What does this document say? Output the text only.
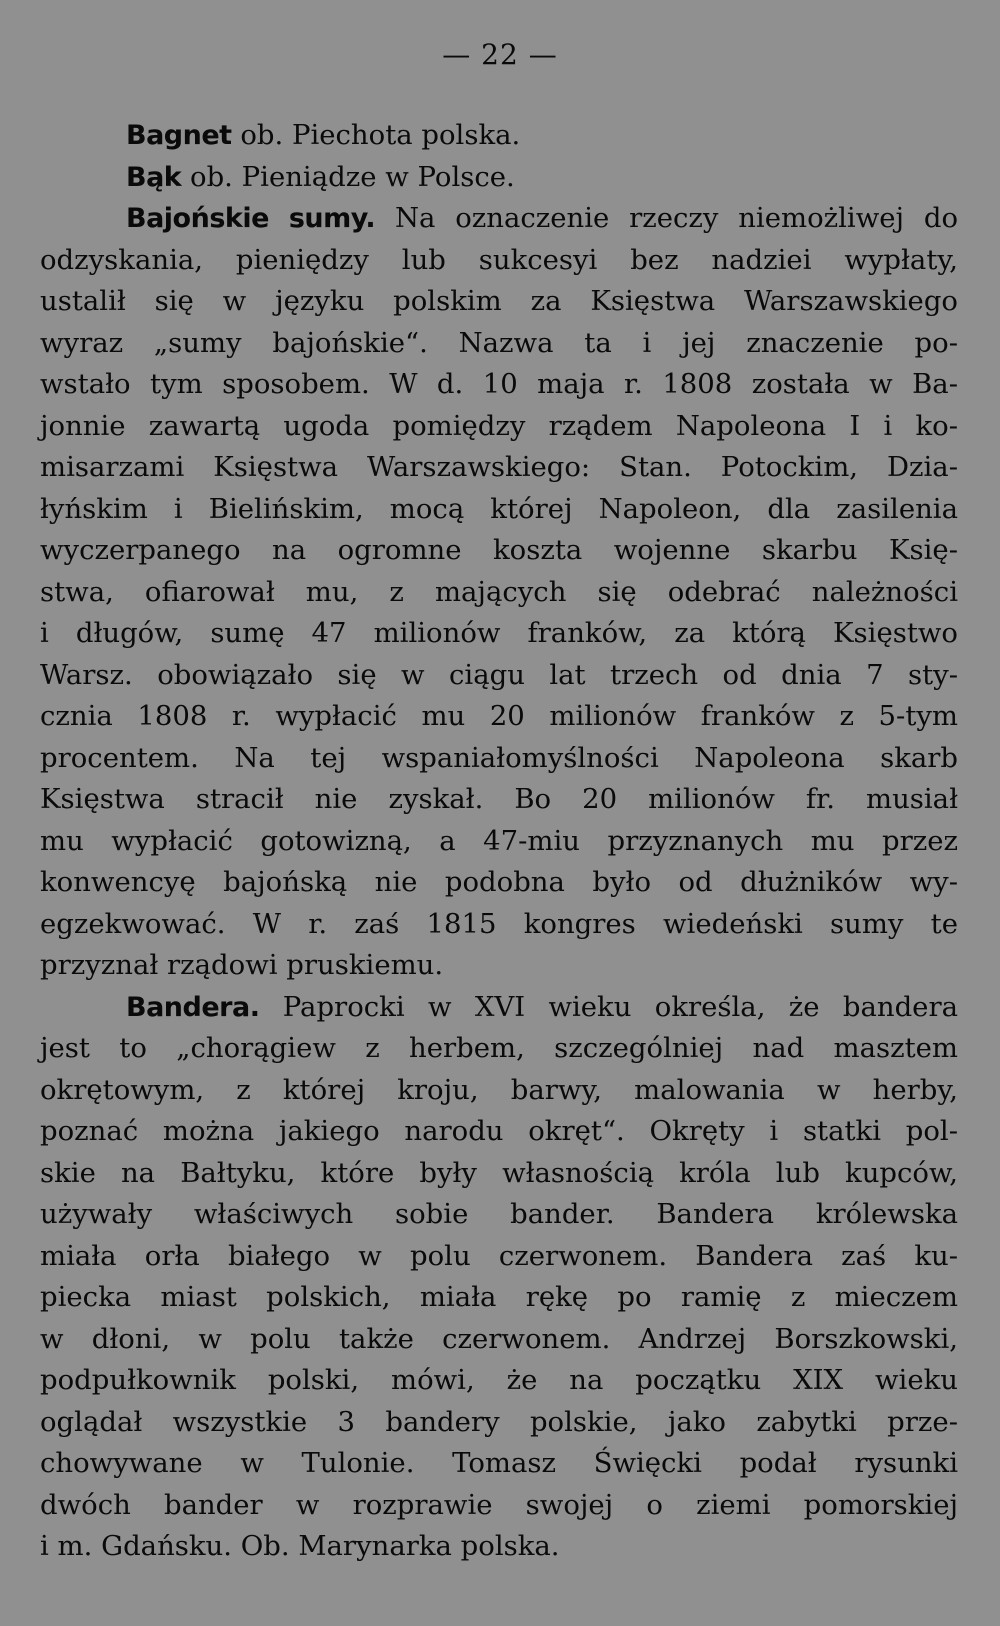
— 22 —
Bagnet ob. Piechota polska.
Bąk ob. Pieniądze w Polsce.
Bajońskie sumy. Na oznaczenie rzeczy niemożliwej do
odzyskania, pieniędzy lub sukcesyi bez nadziei wypłaty,
ustalił się w języku polskim za Księstwa Warszawskiego
wyraz „sumy bajońskie“. Nazwa ta i jej znaczenie po-
wstało tym sposobem. W d. 10 maja r. 1808 została w Ba-
jonnie zawartą ugoda pomiędzy rządem Napoleona I i ko-
misarzami Księstwa Warszawskiego: Stan. Potockim, Dzia-
łyńskim i Bielińskim, mocą której Napoleon, dla zasilenia
wyczerpanego na ogromne koszta wojenne skarbu Księ-
stwa, ofiarował mu, z mających się odebrać należności
i długów, sumę 47 milionów franków, za którą Księstwo
Warsz. obowiązało się w ciągu lat trzech od dnia 7 sty-
cznia 1808 r. wypłacić mu 20 milionów franków z 5-tym
procentem. Na tej wspaniałomyślności Napoleona skarb
Księstwa stracił nie zyskał. Bo 20 milionów fr. musiał
mu wypłacić gotowizną, a 47-miu przyznanych mu przez
konwencyę bajońską nie podobna było od dłużników wy-
egzekwować. W r. zaś 1815 kongres wiedeński sumy te
przyznał rządowi pruskiemu.
Bandera. Paprocki w XVI wieku określa, że bandera
jest to „chorągiew z herbem, szczególniej nad masztem
okrętowym, z której kroju, barwy, malowania w herby,
poznać można jakiego narodu okręt“. Okręty i statki pol-
skie na Bałtyku, które były własnością króla lub kupców,
używały właściwych sobie bander. Bandera królewska
miała orła białego w polu czerwonem. Bandera zaś ku-
piecka miast polskich, miała rękę po ramię z mieczem
w dłoni, w polu także czerwonem. Andrzej Borszkowski,
podpułkownik polski, mówi, że na początku XIX wieku
oglądał wszystkie 3 bandery polskie, jako zabytki prze-
chowywane w Tulonie. Tomasz Święcki podał rysunki
dwóch bander w rozprawie swojej o ziemi pomorskiej
i m. Gdańsku. Ob. Marynarka polska.
